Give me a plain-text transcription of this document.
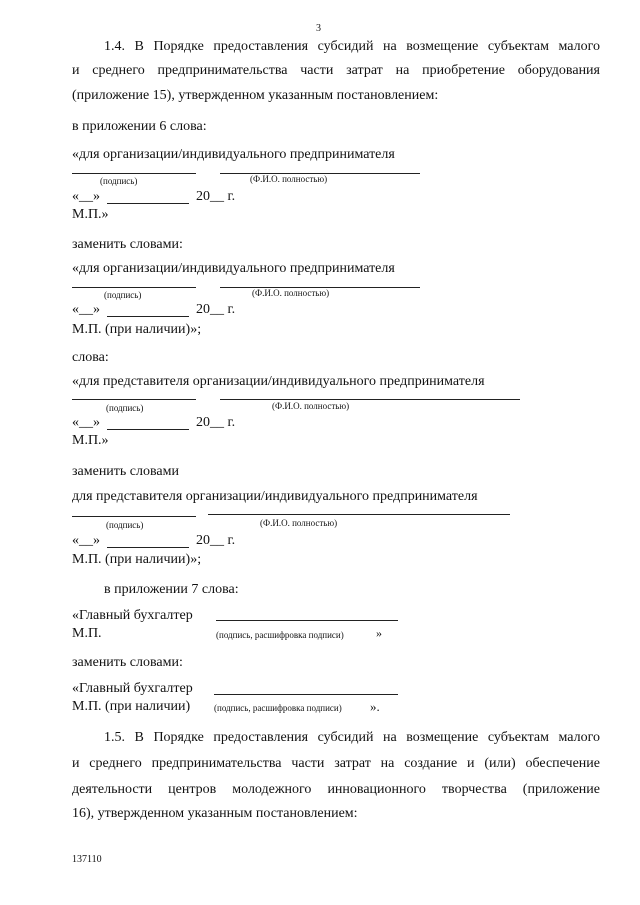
3
1.4. В Порядке предоставления субсидий на возмещение субъектам малого
и среднего предпринимательства части затрат на приобретение оборудования
(приложение 15), утвержденном указанным постановлением:
в приложении 6 слова:
«для организации/индивидуального предпринимателя
(подпись)	(Ф.И.О. полностью)
«__»	20__ г.
М.П.»
заменить словами:
«для организации/индивидуального предпринимателя
(подпись)	(Ф.И.О. полностью)
«__»	20__ г.
М.П. (при наличии)»;
слова:
«для представителя организации/индивидуального предпринимателя
(подпись)	(Ф.И.О. полностью)
«__»	20__ г.
М.П.»
заменить словами
для представителя организации/индивидуального предпринимателя
(подпись)	(Ф.И.О. полностью)
«__»	20__ г.
М.П. (при наличии)»;
в приложении 7 слова:
«Главный бухгалтер
М.П.	(подпись, расшифровка подписи)	»
заменить словами:
«Главный бухгалтер
М.П. (при наличии)	(подпись, расшифровка подписи) ».
1.5. В Порядке предоставления субсидий на возмещение субъектам малого
и среднего предпринимательства части затрат на создание и (или) обеспечение
деятельности центров молодежного инновационного творчества (приложение
16), утвержденном указанным постановлением:
137110
